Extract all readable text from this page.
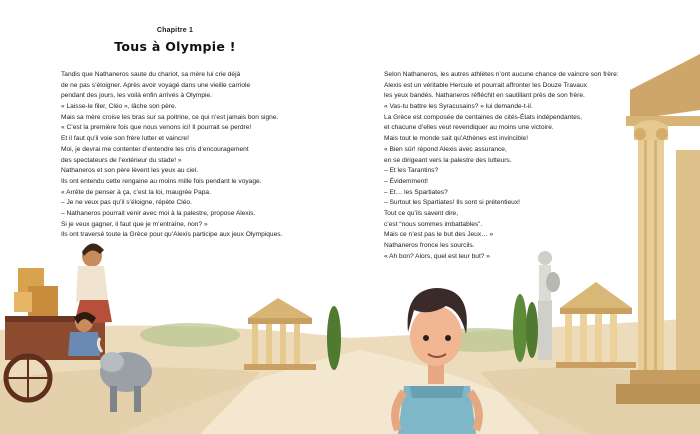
Chapitre 1
Tous à Olympie !
Tandis que Nathaneros saute du chariot, sa mère lui crie déjà
de ne pas s’éloigner. Après avoir voyagé dans une vieille carriole
pendant des jours, les voilà enfin arrivés à Olympie.
« Laisse-le filer, Cléo », lâche son père.
Mais sa mère croise les bras sur sa poitrine, ce qui n’est jamais bon signe.
« C’est la première fois que nous venons ici! Il pourrait se perdre!
Et il faut qu’il voie son frère lutter et vaincre!
Moi, je devrai me contenter d’entendre les cris d’encouragement
des spectateurs de l’extérieur du stade! »
Nathaneros et son père lèvent les yeux au ciel.
Ils ont entendu cette rengaine au moins mille fois pendant le voyage.
« Arrête de penser à ça, c’est la loi, maugrée Papa.
– Je ne veux pas qu’il s’éloigne, répète Cléo.
– Nathaneros pourrait venir avec moi à la palestre, propose Alexis.
Si je veux gagner, il faut que je m’entraîne, non? »
Ils ont traversé toute la Grèce pour qu’Alexis participe aux jeux Olympiques.
Selon Nathaneros, les autres athlètes n’ont aucune chance de vaincre son frère:
Alexis est un véritable Hercule et pourrait affronter les Douze Travaux
les yeux bandés. Nathaneros réfléchit en sautillant près de son frère.
« Vas-tu battre les Syracusains? » lui demande-t-il.
La Grèce est composée de centaines de cités-États indépendantes,
et chacune d’elles veut revendiquer au moins une victoire.
Mais tout le monde sait qu’Athènes est invincible!
« Bien sûr! répond Alexis avec assurance,
en se dirigeant vers la palestre des lutteurs.
– Et les Tarantins?
– Évidemment!
– Et… les Spartiates?
– Surtout les Spartiates! Ils sont si prétentieux!
Tout ce qu’ils savent dire,
c’est “nous sommes imbattables”.
Mais ce n’est pas le but des Jeux… »
Nathaneros fronce les sourcils.
« Ah bon? Alors, quel est leur but? »
